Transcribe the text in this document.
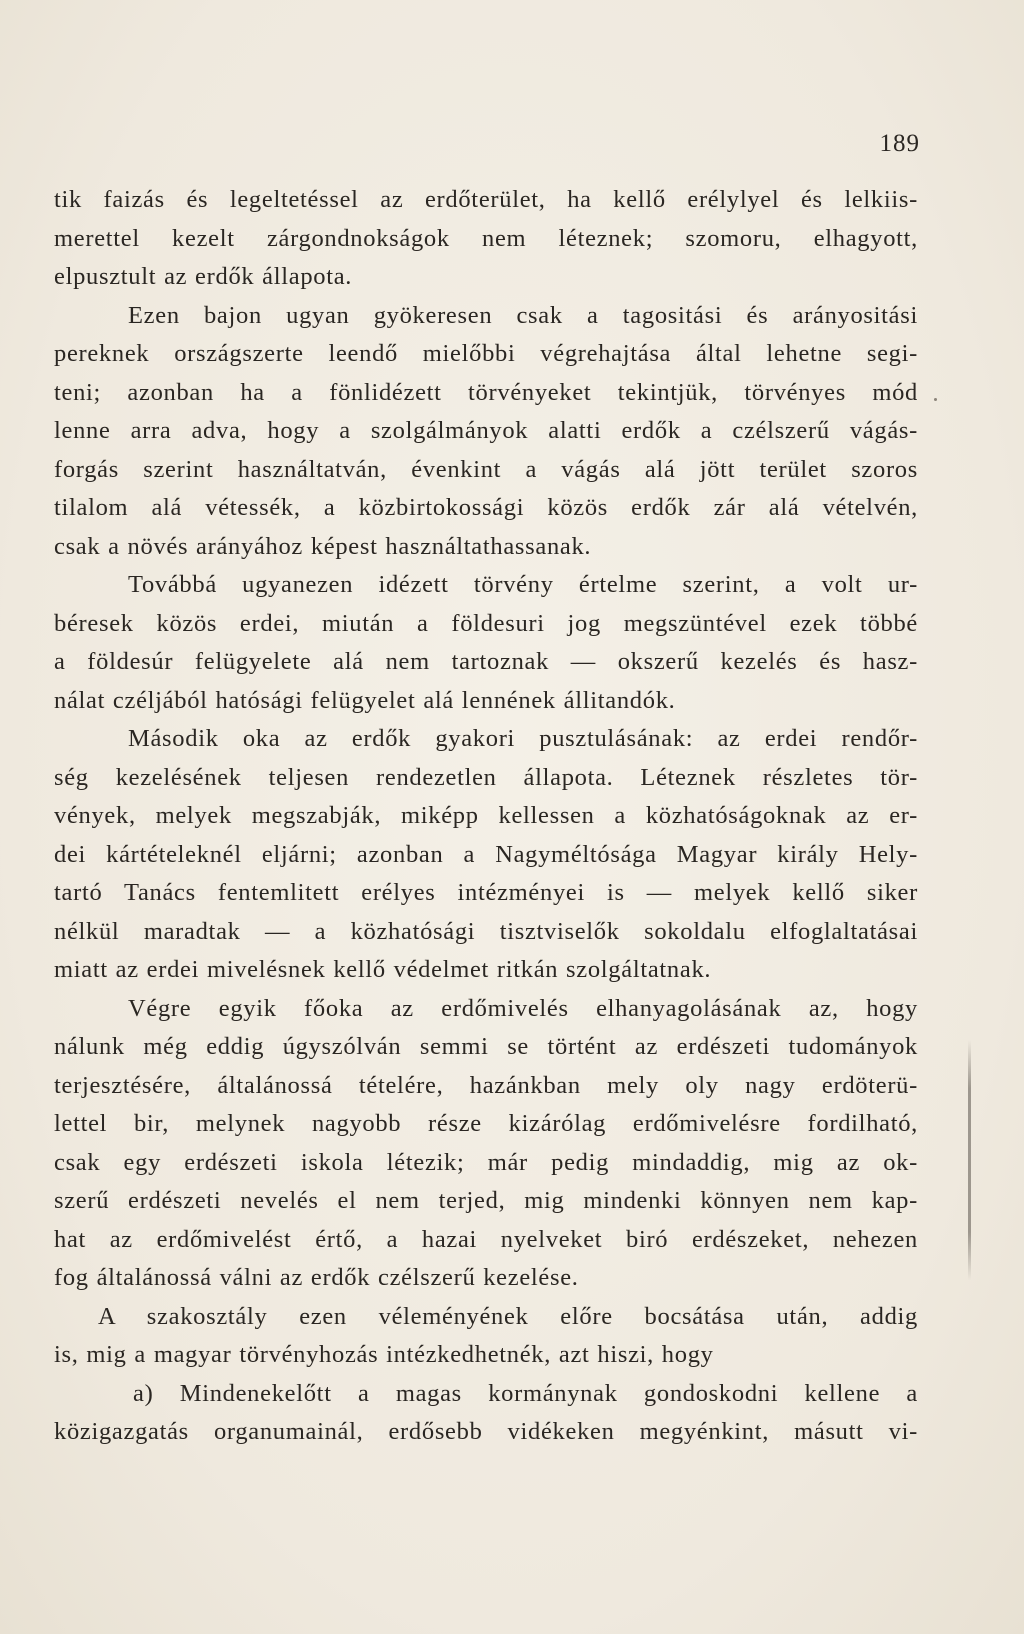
189

tik faizás és legeltetéssel az erdőterület, ha kellő erélylyel és lelkiis-

merettel kezelt zárgondnokságok nem léteznek; szomoru, elhagyott,

elpusztult az erdők állapota.

Ezen bajon ugyan gyökeresen csak a tagositási és arányositási

pereknek országszerte leendő mielőbbi végrehajtása által lehetne segi-

teni; azonban ha a fönlidézett törvényeket tekintjük, törvényes mód

lenne arra adva, hogy a szolgálmányok alatti erdők a czélszerű vágás-

forgás szerint használtatván, évenkint a vágás alá jött terület szoros

tilalom alá vétessék, a közbirtokossági közös erdők zár alá vételvén,

csak a növés arányához képest használtathassanak.

Továbbá ugyanezen idézett törvény értelme szerint, a volt ur-

béresek közös erdei, miután a földesuri jog megszüntével ezek többé

a földesúr felügyelete alá nem tartoznak — okszerű kezelés és hasz-

nálat czéljából hatósági felügyelet alá lennének állitandók.

Második oka az erdők gyakori pusztulásának: az erdei rendőr-

ség kezelésének teljesen rendezetlen állapota. Léteznek részletes tör-

vények, melyek megszabják, miképp kellessen a közhatóságoknak az er-

dei kártételeknél eljárni; azonban a Nagyméltósága Magyar király Hely-

tartó Tanács fentemlitett erélyes intézményei is — melyek kellő siker

nélkül maradtak — a közhatósági tisztviselők sokoldalu elfoglaltatásai

miatt az erdei mivelésnek kellő védelmet ritkán szolgáltatnak.

Végre egyik főoka az erdőmivelés elhanyagolásának az, hogy

nálunk még eddig úgyszólván semmi se történt az erdészeti tudományok

terjesztésére, általánossá tételére, hazánkban mely oly nagy erdöterü-

lettel bir, melynek nagyobb része kizárólag erdőmivelésre fordilható,

csak egy erdészeti iskola létezik; már pedig mindaddig, mig az ok-

szerű erdészeti nevelés el nem terjed, mig mindenki könnyen nem kap-

hat az erdőmivelést értő, a hazai nyelveket biró erdészeket, nehezen

fog általánossá válni az erdők czélszerű kezelése.

A szakosztály ezen véleményének előre bocsátása után, addig

is, mig a magyar törvényhozás intézkedhetnék, azt hiszi, hogy

a) Mindenekelőtt a magas kormánynak gondoskodni kellene a

közigazgatás organumainál, erdősebb vidékeken megyénkint, másutt vi-
